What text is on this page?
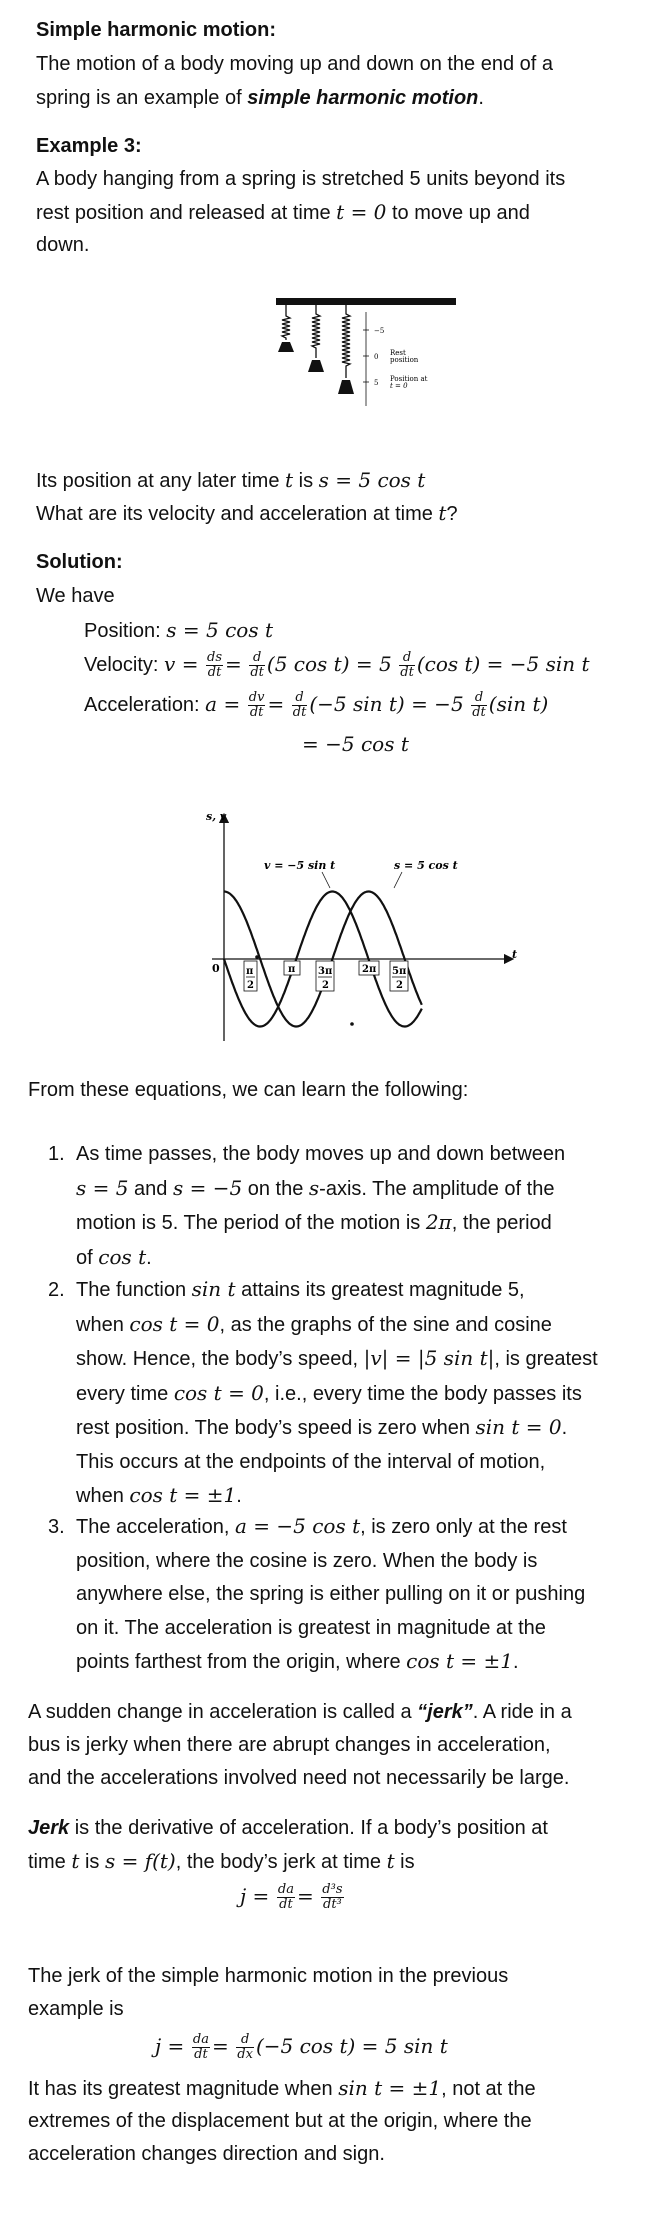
Simple harmonic motion:

The motion of a body moving up and down on the end of a

spring is an example of simple harmonic motion.

Example 3:

A body hanging from a spring is stretched 5 units beyond its

rest position and released at time t = 0 to move up and

down.

−5
0
5
Rest
position
Position at
t = 0

Its position at any later time t is s = 5 cos t

What are its velocity and acceleration at time t?

Solution:

We have

Position: s = 5 cos t

Velocity: $v = \frac{ds}{dt} = \frac{d}{dt} (5$ $\cos t) = 5 \frac{d}{dt} (\cos$ t) = −5 sin t
Acceleration: $a = \frac{dv}{dt} = \frac{d}{dt} (-5$ $\sin t) = -5 \frac{d}{dt} (\sin$ t)

= −5 cos t

s, v
t
0
v = −5 sin t	s = 5 cos t
π
2
π 3π
2
2π 5π
2

From these equations, we can learn the following:

1. As time passes, the body moves up and down between
s = 5 and s = −5 on the s-axis. The amplitude of the
motion is 5. The period of the motion is 2π, the period
of cos t.
2. The function sin t attains its greatest magnitude 5,
when cos t = 0, as the graphs of the sine and cosine
show. Hence, the body’s speed, |v| = |5 sin t|, is greatest
every time cos t = 0, i.e., every time the body passes its
rest position. The body’s speed is zero when sin t = 0.
This occurs at the endpoints of the interval of motion,
when cos t = ±1.
3. The acceleration, a = −5 cos t, is zero only at the rest
position, where the cosine is zero. When the body is
anywhere else, the spring is either pulling on it or pushing
on it. The acceleration is greatest in magnitude at the
points farthest from the origin, where cos t = ±1.

A sudden change in acceleration is called a “jerk”. A ride in a

bus is jerky when there are abrupt changes in acceleration,

and the accelerations involved need not necessarily be large.

Jerk is the derivative of acceleration. If a body’s position at

time t is s = f(t), the body’s jerk at time t is

$j = \frac{da}{dt} = \frac{\text{d³s}}{\text{dt³}}$

The jerk of the simple harmonic motion in the previous

example is

$j = \frac{da}{dt} = \frac{d}{dx} (-5$ cos t) = 5 sin t

It has its greatest magnitude when sin t = ±1, not at the

extremes of the displacement but at the origin, where the

acceleration changes direction and sign.
